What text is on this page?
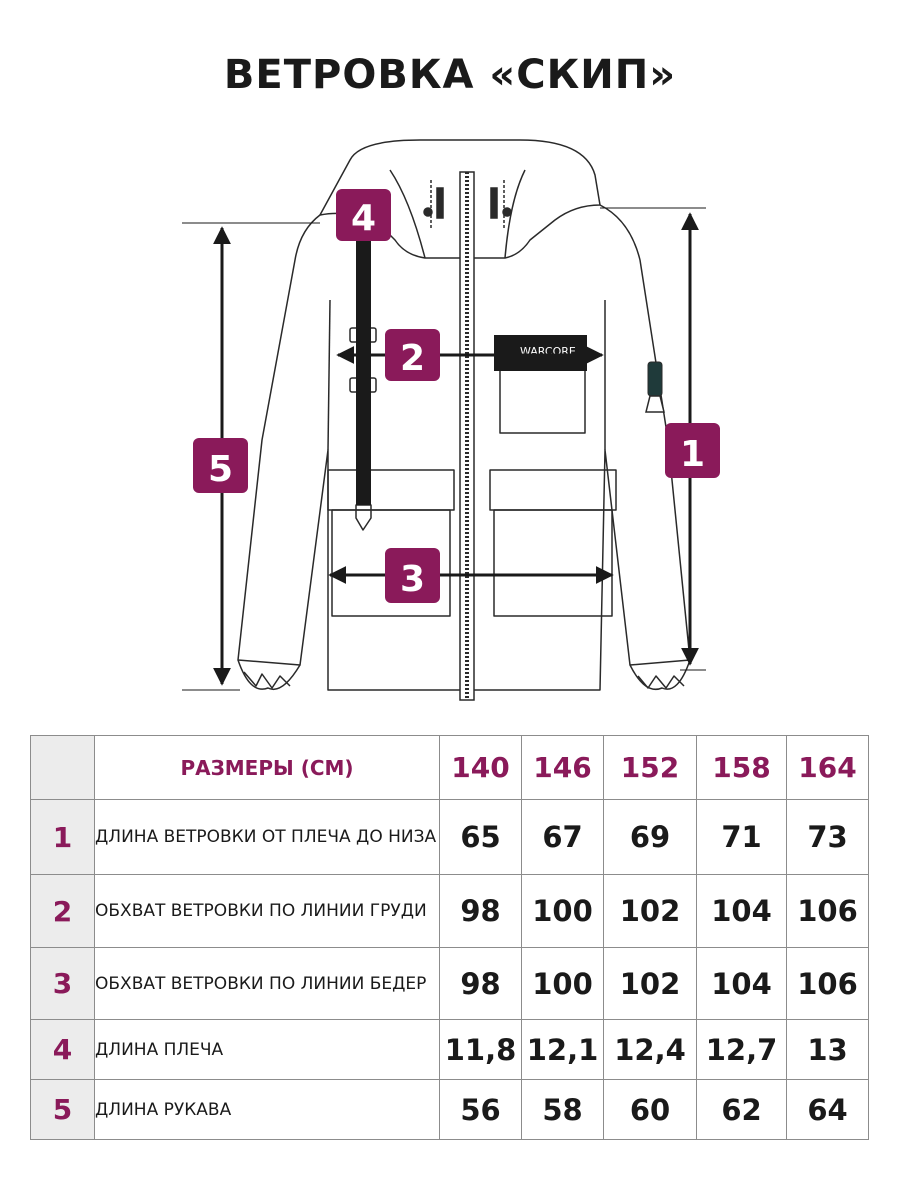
ВЕТРОВКА «СКИП»
WARCORE
4
2
5	1
3
	РАЗМЕРЫ (СМ)	140	146	152	158	164
1	ДЛИНА ВЕТРОВКИ ОТ ПЛЕЧА ДО НИЗА	65	67	69	71	73
2	ОБХВАТ ВЕТРОВКИ ПО ЛИНИИ ГРУДИ	98	100	102	104	106
3	ОБХВАТ ВЕТРОВКИ ПО ЛИНИИ БЕДЕР	98	100	102	104	106
4	ДЛИНА ПЛЕЧА	11,8	12,1	12,4	12,7	13
5	ДЛИНА РУКАВА	56	58	60	62	64
